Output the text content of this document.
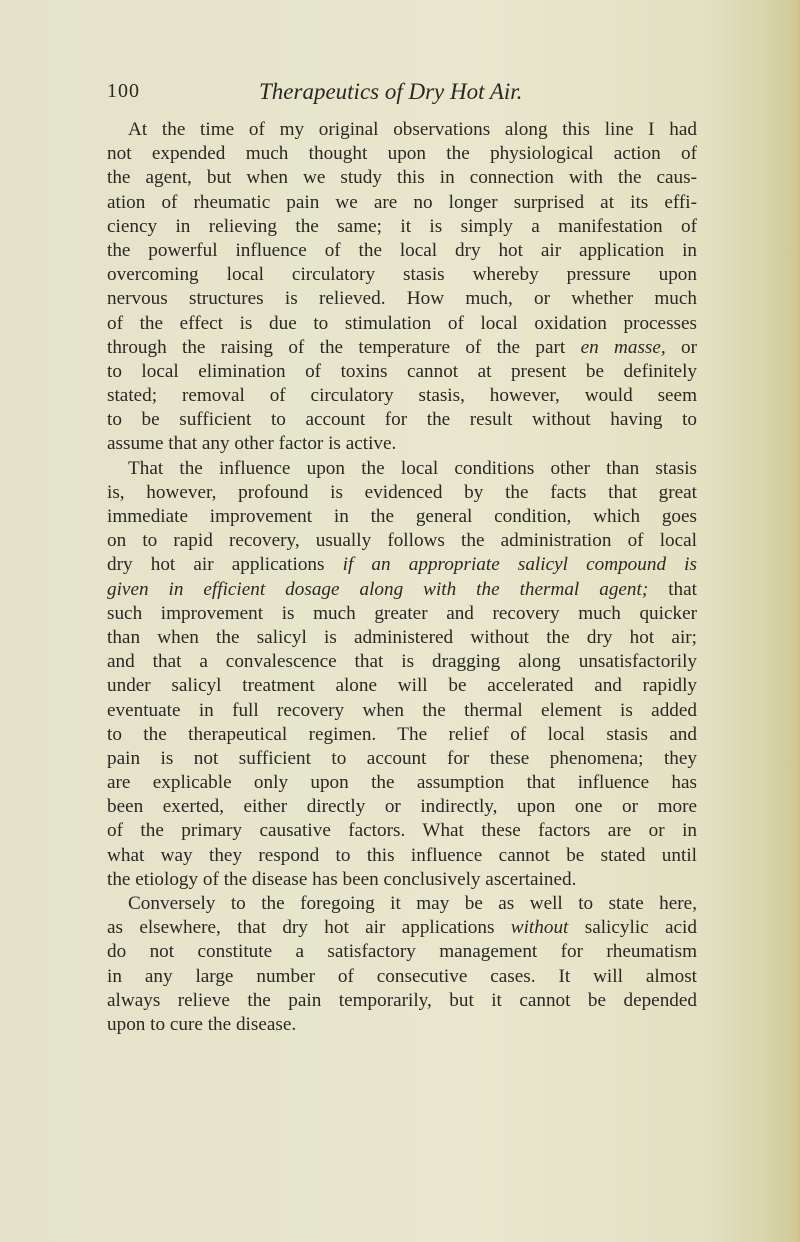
100	Therapeutics of Dry Hot Air.
At the time of my original observations along this line I had
not expended much thought upon the physiological action of
the agent, but when we study this in connection with the caus-
ation of rheumatic pain we are no longer surprised at its effi-
ciency in relieving the same; it is simply a manifestation of
the powerful influence of the local dry hot air application in
overcoming local circulatory stasis whereby pressure upon
nervous structures is relieved. How much, or whether much
of the effect is due to stimulation of local oxidation processes
through the raising of the temperature of the part en masse, or
to local elimination of toxins cannot at present be definitely
stated; removal of circulatory stasis, however, would seem
to be sufficient to account for the result without having to
assume that any other factor is active.
That the influence upon the local conditions other than stasis
is, however, profound is evidenced by the facts that great
immediate improvement in the general condition, which goes
on to rapid recovery, usually follows the administration of local
dry hot air applications if an appropriate salicyl compound is
given in efficient dosage along with the thermal agent; that
such improvement is much greater and recovery much quicker
than when the salicyl is administered without the dry hot air;
and that a convalescence that is dragging along unsatisfactorily
under salicyl treatment alone will be accelerated and rapidly
eventuate in full recovery when the thermal element is added
to the therapeutical regimen. The relief of local stasis and
pain is not sufficient to account for these phenomena; they
are explicable only upon the assumption that influence has
been exerted, either directly or indirectly, upon one or more
of the primary causative factors. What these factors are or in
what way they respond to this influence cannot be stated until
the etiology of the disease has been conclusively ascertained.
Conversely to the foregoing it may be as well to state here,
as elsewhere, that dry hot air applications without salicylic acid
do not constitute a satisfactory management for rheumatism
in any large number of consecutive cases. It will almost
always relieve the pain temporarily, but it cannot be depended
upon to cure the disease.
